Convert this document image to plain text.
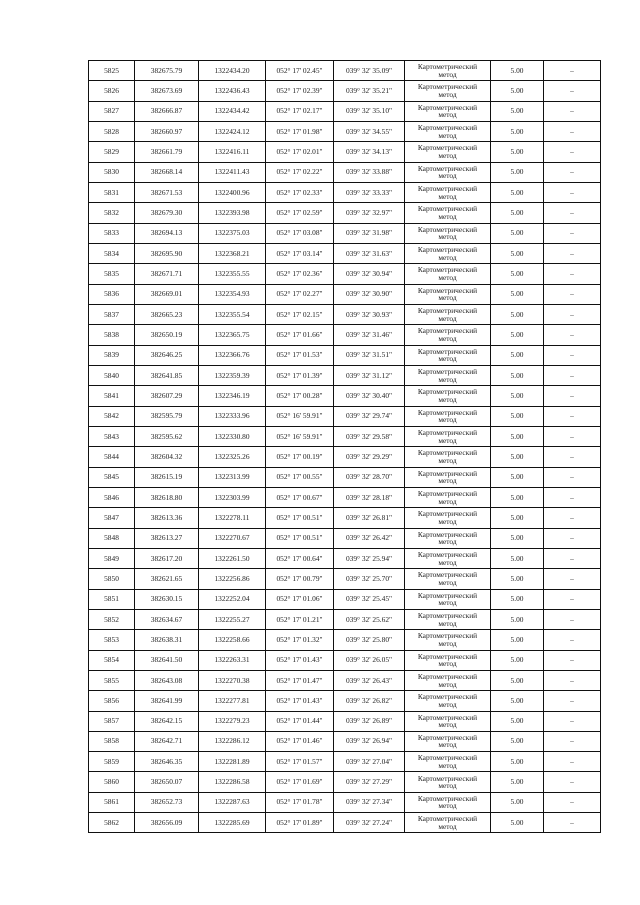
5825	382675.79	1322434.20	052° 17' 02.45"	039° 32' 35.09"	Картометрический метод	5.00	–
5826	382673.69	1322436.43	052° 17' 02.39"	039° 32' 35.21"	Картометрический метод	5.00	–
5827	382666.87	1322434.42	052° 17' 02.17"	039° 32' 35.10"	Картометрический метод	5.00	–
5828	382660.97	1322424.12	052° 17' 01.98"	039° 32' 34.55"	Картометрический метод	5.00	–
5829	382661.79	1322416.11	052° 17' 02.01"	039° 32' 34.13"	Картометрический метод	5.00	–
5830	382668.14	1322411.43	052° 17' 02.22"	039° 32' 33.88"	Картометрический метод	5.00	–
5831	382671.53	1322400.96	052° 17' 02.33"	039° 32' 33.33"	Картометрический метод	5.00	–
5832	382679.30	1322393.98	052° 17' 02.59"	039° 32' 32.97"	Картометрический метод	5.00	–
5833	382694.13	1322375.03	052° 17' 03.08"	039° 32' 31.98"	Картометрический метод	5.00	–
5834	382695.90	1322368.21	052° 17' 03.14"	039° 32' 31.63"	Картометрический метод	5.00	–
5835	382671.71	1322355.55	052° 17' 02.36"	039° 32' 30.94"	Картометрический метод	5.00	–
5836	382669.01	1322354.93	052° 17' 02.27"	039° 32' 30.90"	Картометрический метод	5.00	–
5837	382665.23	1322355.54	052° 17' 02.15"	039° 32' 30.93"	Картометрический метод	5.00	–
5838	382650.19	1322365.75	052° 17' 01.66"	039° 32' 31.46"	Картометрический метод	5.00	–
5839	382646.25	1322366.76	052° 17' 01.53"	039° 32' 31.51"	Картометрический метод	5.00	–
5840	382641.85	1322359.39	052° 17' 01.39"	039° 32' 31.12"	Картометрический метод	5.00	–
5841	382607.29	1322346.19	052° 17' 00.28"	039° 32' 30.40"	Картометрический метод	5.00	–
5842	382595.79	1322333.96	052° 16' 59.91"	039° 32' 29.74"	Картометрический метод	5.00	–
5843	382595.62	1322330.80	052° 16' 59.91"	039° 32' 29.58"	Картометрический метод	5.00	–
5844	382604.32	1322325.26	052° 17' 00.19"	039° 32' 29.29"	Картометрический метод	5.00	–
5845	382615.19	1322313.99	052° 17' 00.55"	039° 32' 28.70"	Картометрический метод	5.00	–
5846	382618.80	1322303.99	052° 17' 00.67"	039° 32' 28.18"	Картометрический метод	5.00	–
5847	382613.36	1322278.11	052° 17' 00.51"	039° 32' 26.81"	Картометрический метод	5.00	–
5848	382613.27	1322270.67	052° 17' 00.51"	039° 32' 26.42"	Картометрический метод	5.00	–
5849	382617.20	1322261.50	052° 17' 00.64"	039° 32' 25.94"	Картометрический метод	5.00	–
5850	382621.65	1322256.86	052° 17' 00.79"	039° 32' 25.70"	Картометрический метод	5.00	–
5851	382630.15	1322252.04	052° 17' 01.06"	039° 32' 25.45"	Картометрический метод	5.00	–
5852	382634.67	1322255.27	052° 17' 01.21"	039° 32' 25.62"	Картометрический метод	5.00	–
5853	382638.31	1322258.66	052° 17' 01.32"	039° 32' 25.80"	Картометрический метод	5.00	–
5854	382641.50	1322263.31	052° 17' 01.43"	039° 32' 26.05"	Картометрический метод	5.00	–
5855	382643.08	1322270.38	052° 17' 01.47"	039° 32' 26.43"	Картометрический метод	5.00	–
5856	382641.99	1322277.81	052° 17' 01.43"	039° 32' 26.82"	Картометрический метод	5.00	–
5857	382642.15	1322279.23	052° 17' 01.44"	039° 32' 26.89"	Картометрический метод	5.00	–
5858	382642.71	1322286.12	052° 17' 01.46"	039° 32' 26.94"	Картометрический метод	5.00	–
5859	382646.35	1322281.89	052° 17' 01.57"	039° 32' 27.04"	Картометрический метод	5.00	–
5860	382650.07	1322286.58	052° 17' 01.69"	039° 32' 27.29"	Картометрический метод	5.00	–
5861	382652.73	1322287.63	052° 17' 01.78"	039° 32' 27.34"	Картометрический метод	5.00	–
5862	382656.09	1322285.69	052° 17' 01.89"	039° 32' 27.24"	Картометрический метод	5.00	–
